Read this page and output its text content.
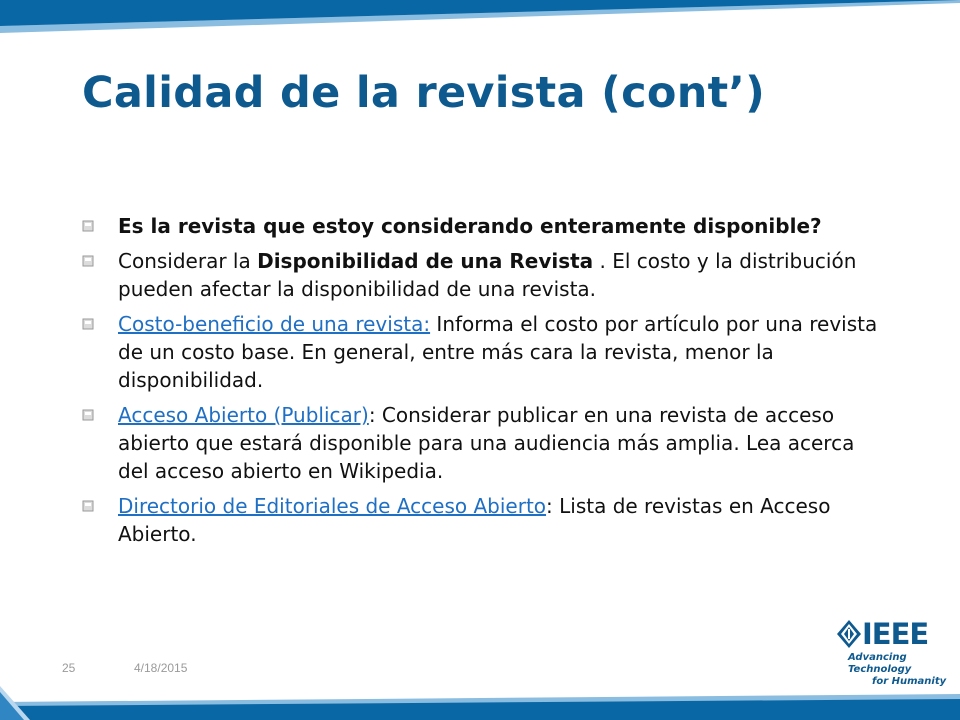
Calidad de la revista (cont’)
Es la revista que estoy considerando enteramente disponible?
Considerar la Disponibilidad de una Revista . El costo y la distribución pueden afectar la disponibilidad de una revista.
Costo-beneficio de una revista: Informa el costo por artículo por una revista de un costo base. En general, entre más cara la revista, menor la disponibilidad.
Acceso Abierto (Publicar): Considerar publicar en una revista de acceso abierto que estará disponible para una audiencia más amplia. Lea acerca del acceso abierto en Wikipedia.
Directorio de Editoriales de Acceso Abierto: Lista de revistas en Acceso Abierto.
25	4/18/2015
IEEE
Advancing Technology
for Humanity
